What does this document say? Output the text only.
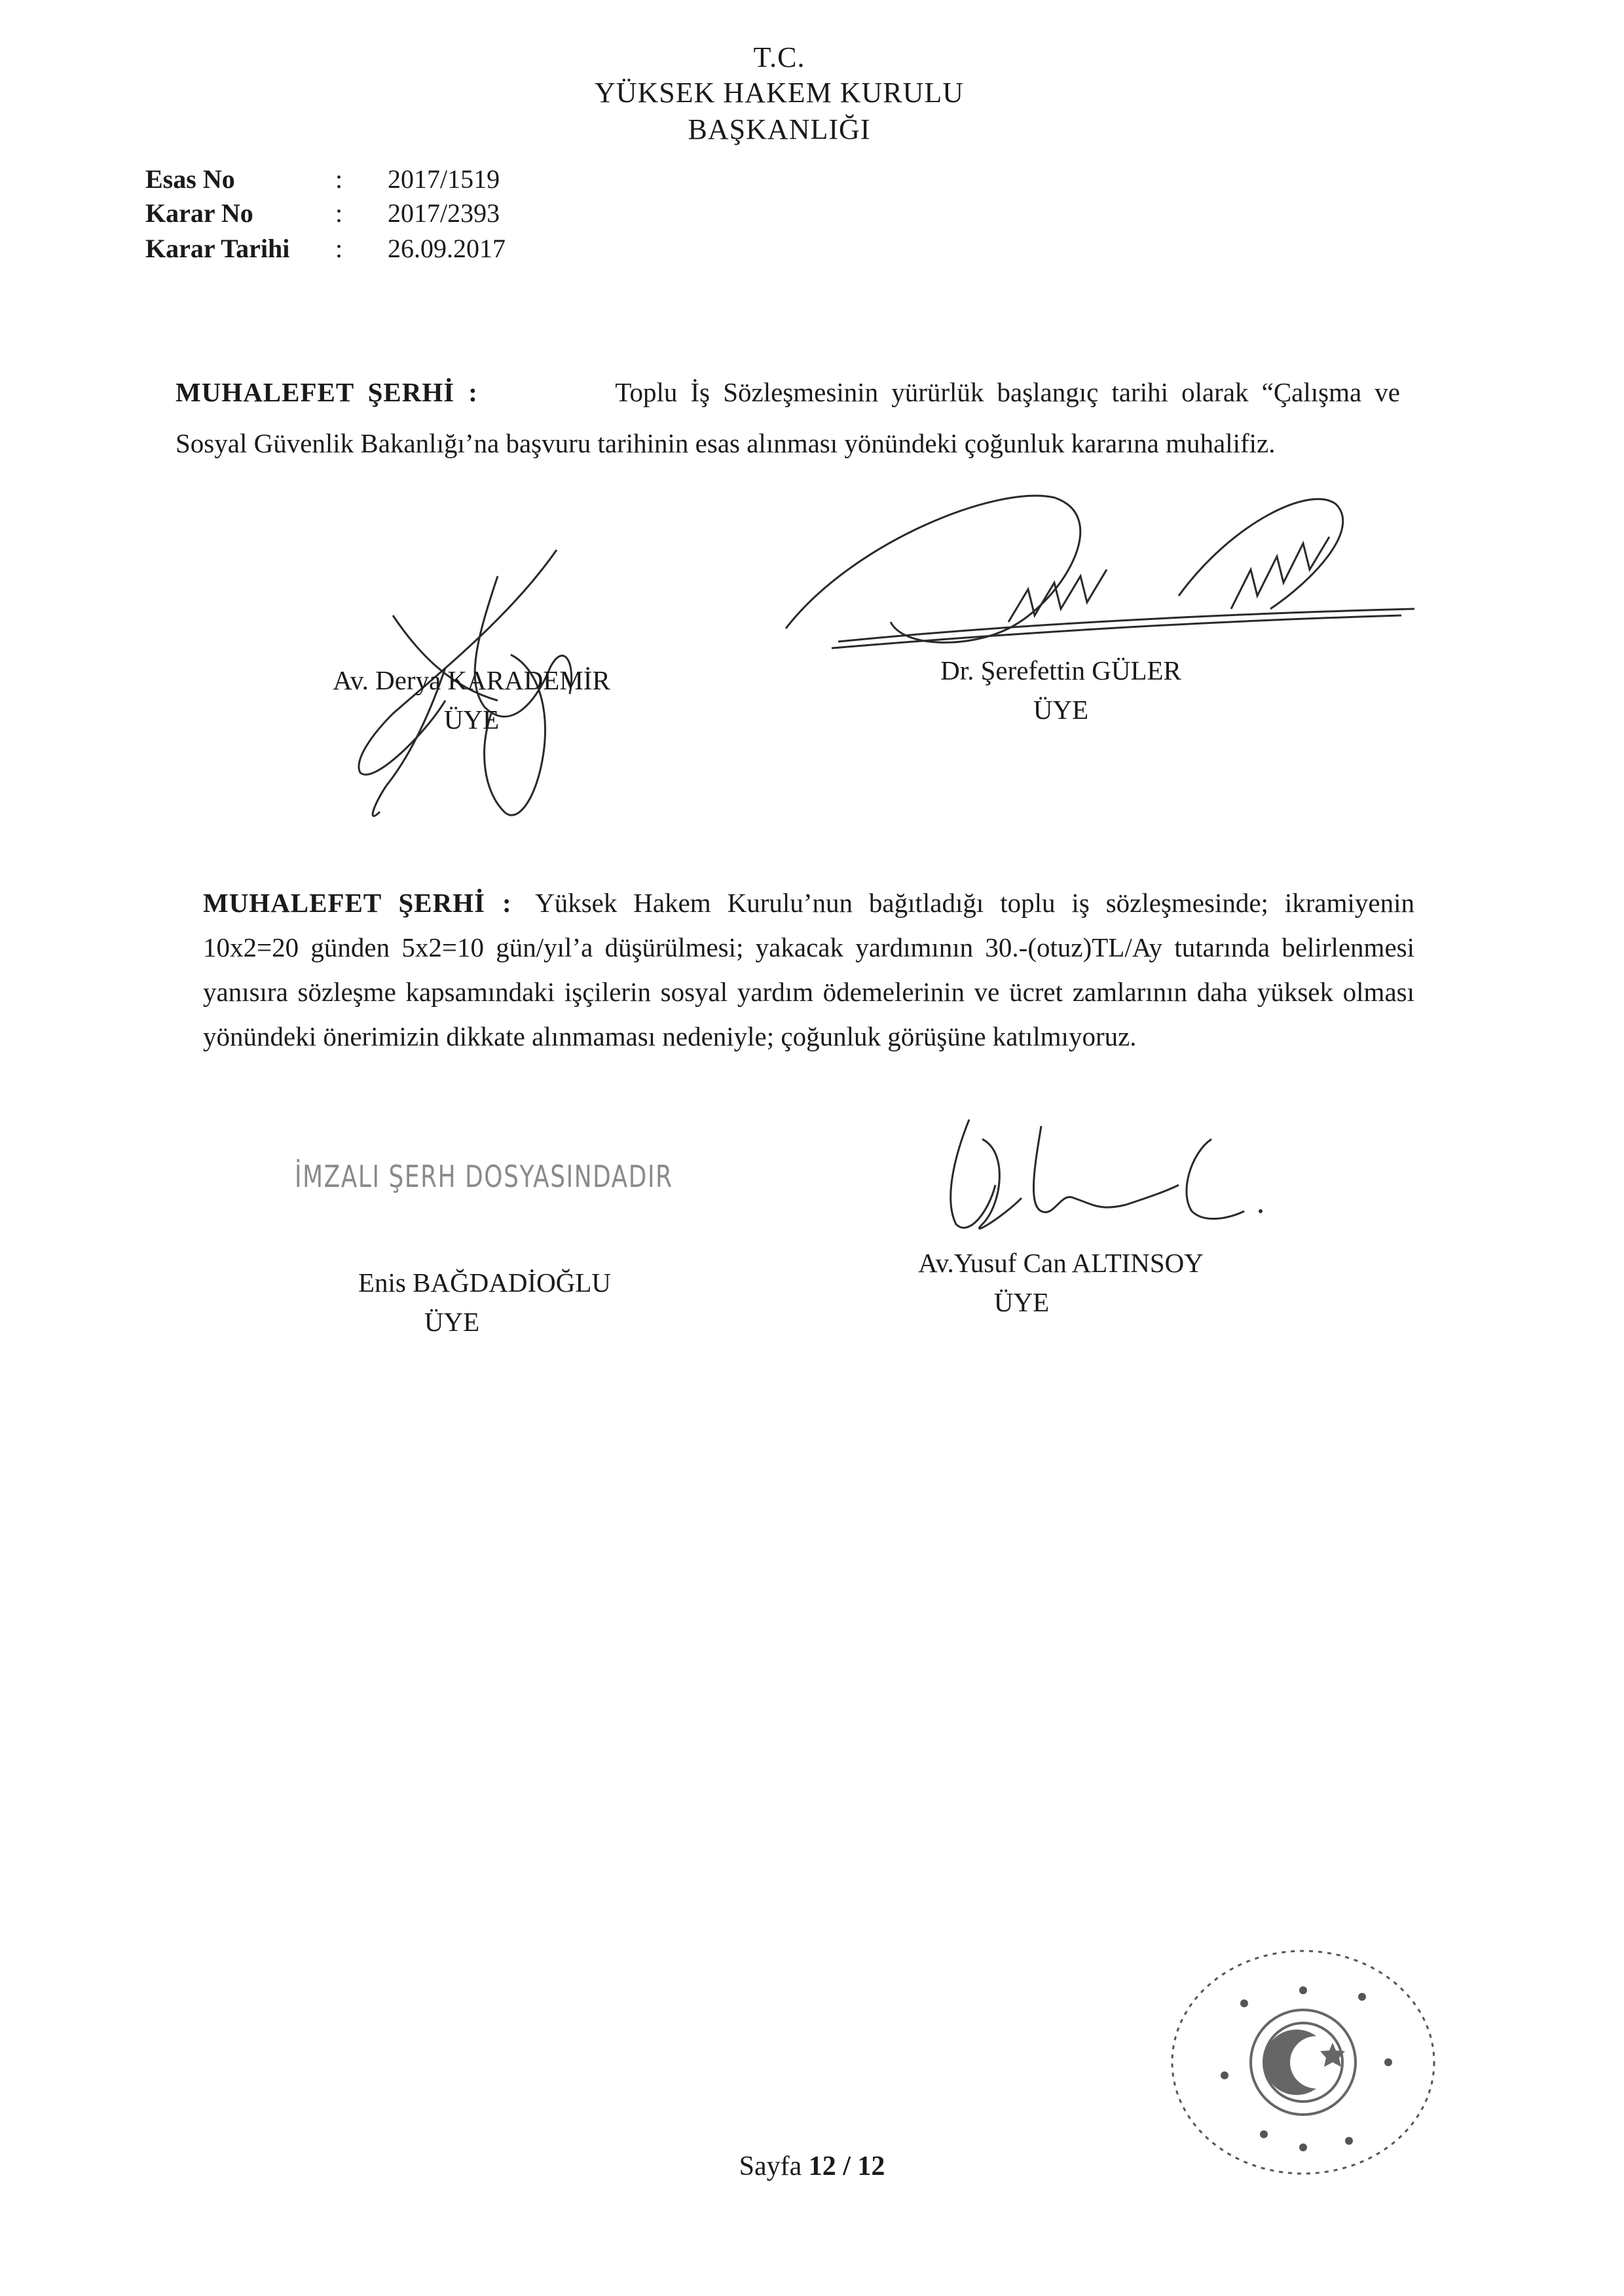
T.C.
YÜKSEK HAKEM KURULU
BAŞKANLIĞI
Esas No	: 2017/1519
Karar No	: 2017/2393
Karar Tarihi : 26.09.2017
MUHALEFET ŞERHİ :	Toplu İş Sözleşmesinin yürürlük başlangıç tarihi olarak “Çalışma ve Sosyal Güvenlik Bakanlığı’na başvuru tarihinin esas alınması yönündeki çoğunluk kararına muhalifiz.
Av. Derya KARADEMİR
ÜYE
Dr. Şerefettin GÜLER
ÜYE
MUHALEFET ŞERHİ : Yüksek Hakem Kurulu’nun bağıtladığı toplu iş sözleşmesinde; ikramiyenin 10x2=20 günden 5x2=10 gün/yıl’a düşürülmesi; yakacak yardımının 30.-(otuz)TL/Ay tutarında belirlenmesi yanısıra sözleşme kapsamındaki işçilerin sosyal yardım ödemelerinin ve ücret zamlarının daha yüksek olması yönündeki önerimizin dikkate alınmaması nedeniyle; çoğunluk görüşüne katılmıyoruz.
İMZALI ŞERH DOSYASINDADIR
Enis BAĞDADİOĞLU
ÜYE
Av.Yusuf Can ALTINSOY
ÜYE
Sayfa 12 / 12
